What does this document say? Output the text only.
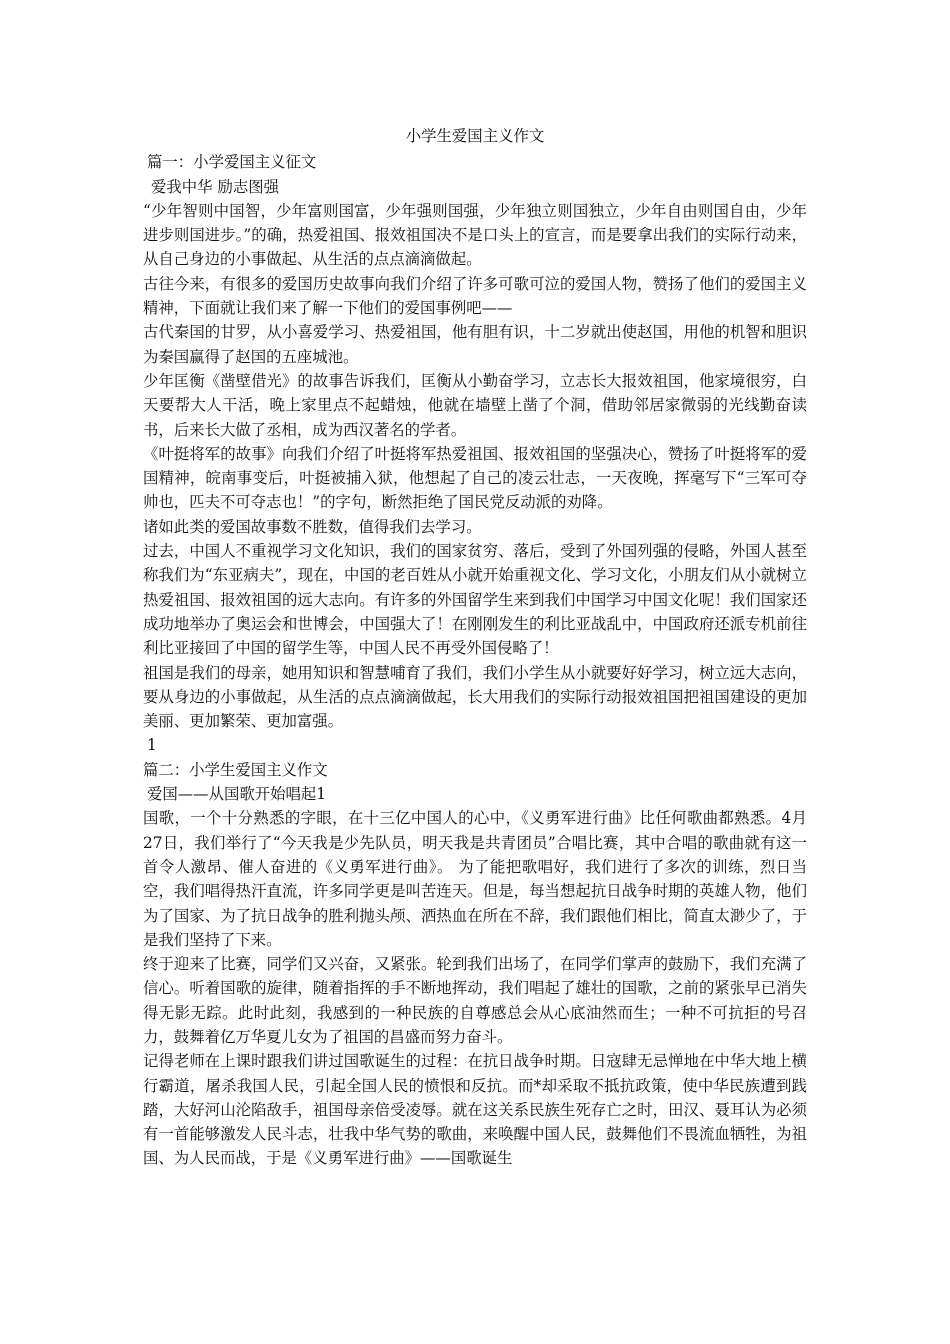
小学生爱国主义作文

篇一：小学爱国主义征文

爱我中华 励志图强

“少年智则中国智，少年富则国富，少年强则国强，少年独立则国独立，少年自由则国自由，少年进步则国进步。”的确，热爱祖国、报效祖国决不是口头上的宣言，而是要拿出我们的实际行动来，从自己身边的小事做起、从生活的点点滴滴做起。

古往今来，有很多的爱国历史故事向我们介绍了许多可歌可泣的爱国人物，赞扬了他们的爱国主义精神，下面就让我们来了解一下他们的爱国事例吧——

古代秦国的甘罗，从小喜爱学习、热爱祖国，他有胆有识，十二岁就出使赵国，用他的机智和胆识为秦国赢得了赵国的五座城池。

少年匡衡《凿壁借光》的故事告诉我们，匡衡从小勤奋学习，立志长大报效祖国，他家境很穷，白天要帮大人干活，晚上家里点不起蜡烛，他就在墙壁上凿了个洞，借助邻居家微弱的光线勤奋读书，后来长大做了丞相，成为西汉著名的学者。

《叶挺将军的故事》向我们介绍了叶挺将军热爱祖国、报效祖国的坚强决心，赞扬了叶挺将军的爱国精神，皖南事变后，叶挺被捕入狱，他想起了自己的凌云壮志，一天夜晚，挥毫写下“三军可夺帅也，匹夫不可夺志也！”的字句，断然拒绝了国民党反动派的劝降。

诸如此类的爱国故事数不胜数，值得我们去学习。

过去，中国人不重视学习文化知识，我们的国家贫穷、落后，受到了外国列强的侵略，外国人甚至称我们为“东亚病夫”，现在，中国的老百姓从小就开始重视文化、学习文化，小朋友们从小就树立热爱祖国、报效祖国的远大志向。有许多的外国留学生来到我们中国学习中国文化呢！我们国家还成功地举办了奥运会和世博会，中国强大了！在刚刚发生的利比亚战乱中，中国政府还派专机前往利比亚接回了中国的留学生等，中国人民不再受外国侵略了！

祖国是我们的母亲，她用知识和智慧哺育了我们，我们小学生从小就要好好学习，树立远大志向，要从身边的小事做起，从生活的点点滴滴做起，长大用我们的实际行动报效祖国把祖国建设的更加美丽、更加繁荣、更加富强。

1

篇二：小学生爱国主义作文

爱国——从国歌开始唱起1

国歌，一个十分熟悉的字眼，在十三亿中国人的心中，《义勇军进行曲》比任何歌曲都熟悉。4月27日，我们举行了“今天我是少先队员，明天我是共青团员”合唱比赛，其中合唱的歌曲就有这一首令人激昂、催人奋进的《义勇军进行曲》。 为了能把歌唱好，我们进行了多次的训练，烈日当空，我们唱得热汗直流，许多同学更是叫苦连天。但是，每当想起抗日战争时期的英雄人物，他们为了国家、为了抗日战争的胜利抛头颅、洒热血在所在不辞，我们跟他们相比，简直太渺少了，于是我们坚持了下来。

终于迎来了比赛，同学们又兴奋，又紧张。轮到我们出场了，在同学们掌声的鼓励下，我们充满了信心。听着国歌的旋律，随着指挥的手不断地挥动，我们唱起了雄壮的国歌，之前的紧张早已消失得无影无踪。此时此刻，我感到的一种民族的自尊感总会从心底油然而生；一种不可抗拒的号召力，鼓舞着亿万华夏儿女为了祖国的昌盛而努力奋斗。

记得老师在上课时跟我们讲过国歌诞生的过程：在抗日战争时期。日寇肆无忌惮地在中华大地上横行霸道，屠杀我国人民，引起全国人民的愤恨和反抗。而*却采取不抵抗政策，使中华民族遭到践踏，大好河山沦陷敌手，祖国母亲倍受凌辱。就在这关系民族生死存亡之时，田汉、聂耳认为必须有一首能够激发人民斗志，壮我中华气势的歌曲，来唤醒中国人民，鼓舞他们不畏流血牺牲，为祖国、为人民而战，于是《义勇军进行曲》——国歌诞生
